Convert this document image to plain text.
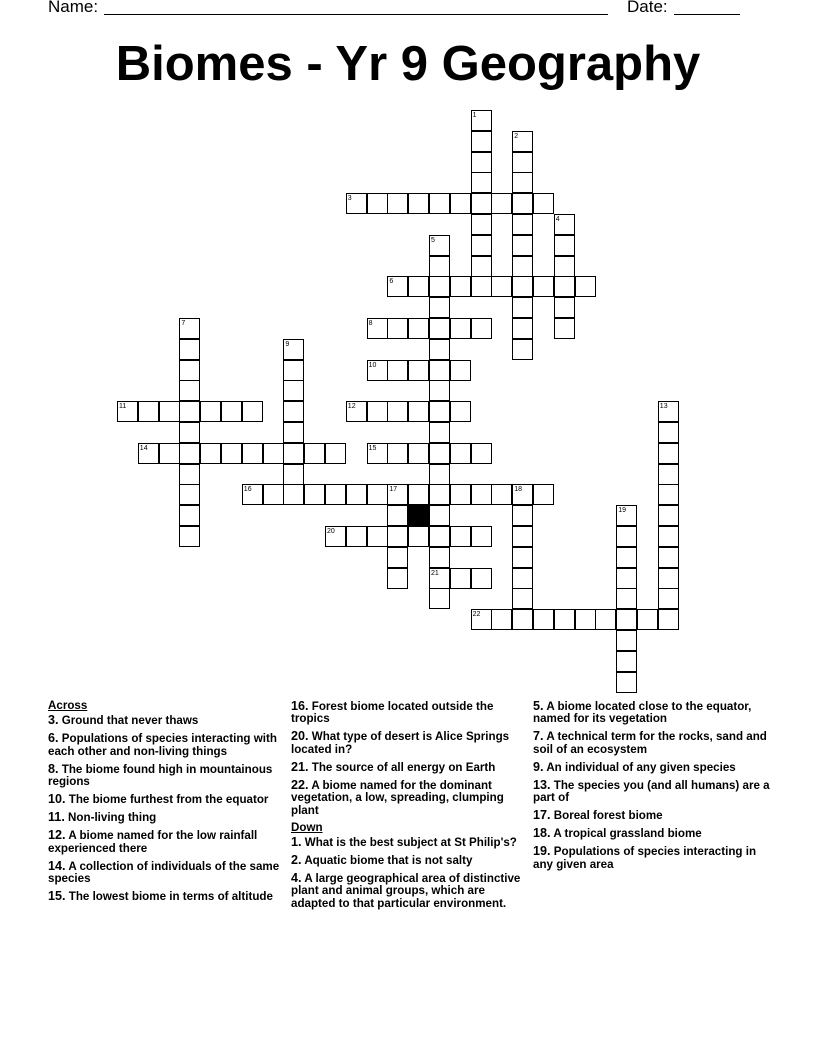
Name:	Date:
Biomes - Yr 9 Geography
1
2
3
4
5
21
6
7	8
9
10
11	12	13
14	15
16	17	18
19
20
22
Across
3. Ground that never thaws
6. Populations of species interacting with each other and non-living things
8. The biome found high in mountainous regions
10. The biome furthest from the equator
11. Non-living thing
12. A biome named for the low rainfall experienced there
14. A collection of individuals of the same species
15. The lowest biome in terms of altitude
16. Forest biome located outside the tropics
20. What type of desert is Alice Springs located in?
21. The source of all energy on Earth
22. A biome named for the dominant vegetation, a low, spreading, clumping plant
Down
1. What is the best subject at St Philip's?
2. Aquatic biome that is not salty
4. A large geographical area of distinctive plant and animal groups, which are adapted to that particular environment.
5. A biome located close to the equator, named for its vegetation
7. A technical term for the rocks, sand and soil of an ecosystem
9. An individual of any given species
13. The species you (and all humans) are a part of
17. Boreal forest biome
18. A tropical grassland biome
19. Populations of species interacting in any given area
